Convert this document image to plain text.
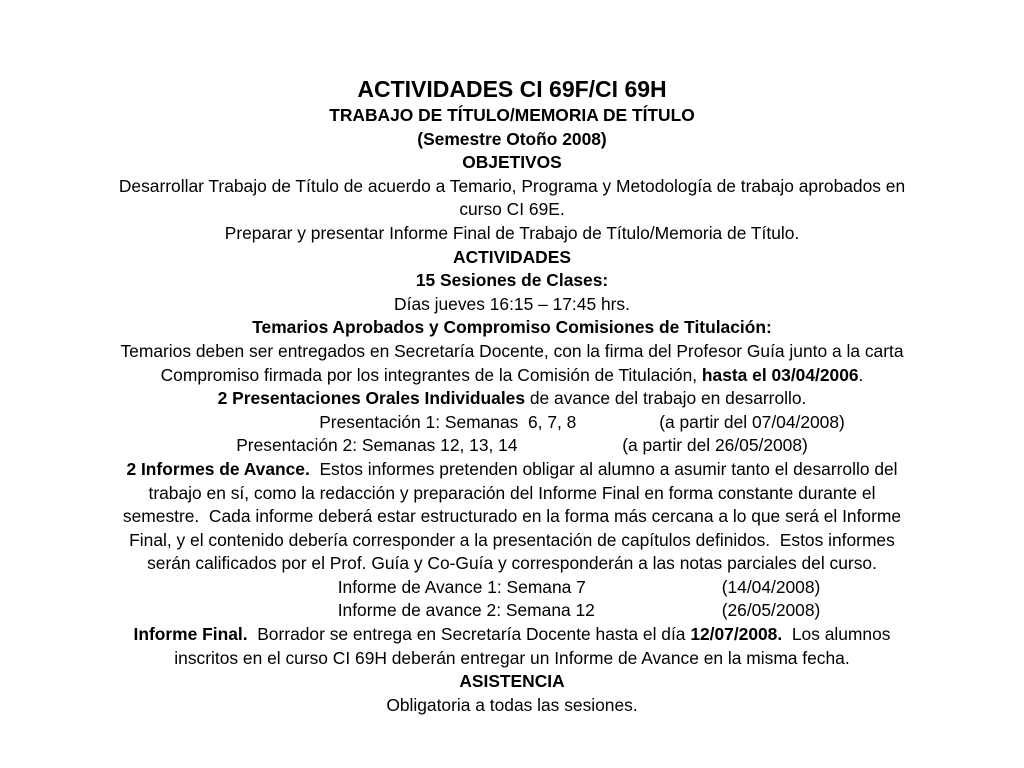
ACTIVIDADES CI 69F/CI 69H
TRABAJO DE TÍTULO/MEMORIA DE TÍTULO
(Semestre Otoño 2008)
OBJETIVOS
Desarrollar Trabajo de Título de acuerdo a Temario, Programa y Metodología de trabajo aprobados en
curso CI 69E.
Preparar y presentar Informe Final de Trabajo de Título/Memoria de Título.
ACTIVIDADES
15 Sesiones de Clases:
Días jueves 16:15 – 17:45 hrs.
Temarios Aprobados y Compromiso Comisiones de Titulación:
Temarios deben ser entregados en Secretaría Docente, con la firma del Profesor Guía junto a la carta
Compromiso firmada por los integrantes de la Comisión de Titulación, hasta el 03/04/2006.
2 Presentaciones Orales Individuales de avance del trabajo en desarrollo.
Presentación 1: Semanas  6, 7, 8	(a partir del 07/04/2008)
Presentación 2: Semanas 12, 13, 14	(a partir del 26/05/2008)
2 Informes de Avance.  Estos informes pretenden obligar al alumno a asumir tanto el desarrollo del
trabajo en sí, como la redacción y preparación del Informe Final en forma constante durante el
semestre.  Cada informe deberá estar estructurado en la forma más cercana a lo que será el Informe
Final, y el contenido debería corresponder a la presentación de capítulos definidos.  Estos informes
serán calificados por el Prof. Guía y Co-Guía y corresponderán a las notas parciales del curso.
Informe de Avance 1: Semana 7	(14/04/2008)
Informe de avance 2: Semana 12	(26/05/2008)
Informe Final.  Borrador se entrega en Secretaría Docente hasta el día 12/07/2008.  Los alumnos
inscritos en el curso CI 69H deberán entregar un Informe de Avance en la misma fecha.
ASISTENCIA
Obligatoria a todas las sesiones.
